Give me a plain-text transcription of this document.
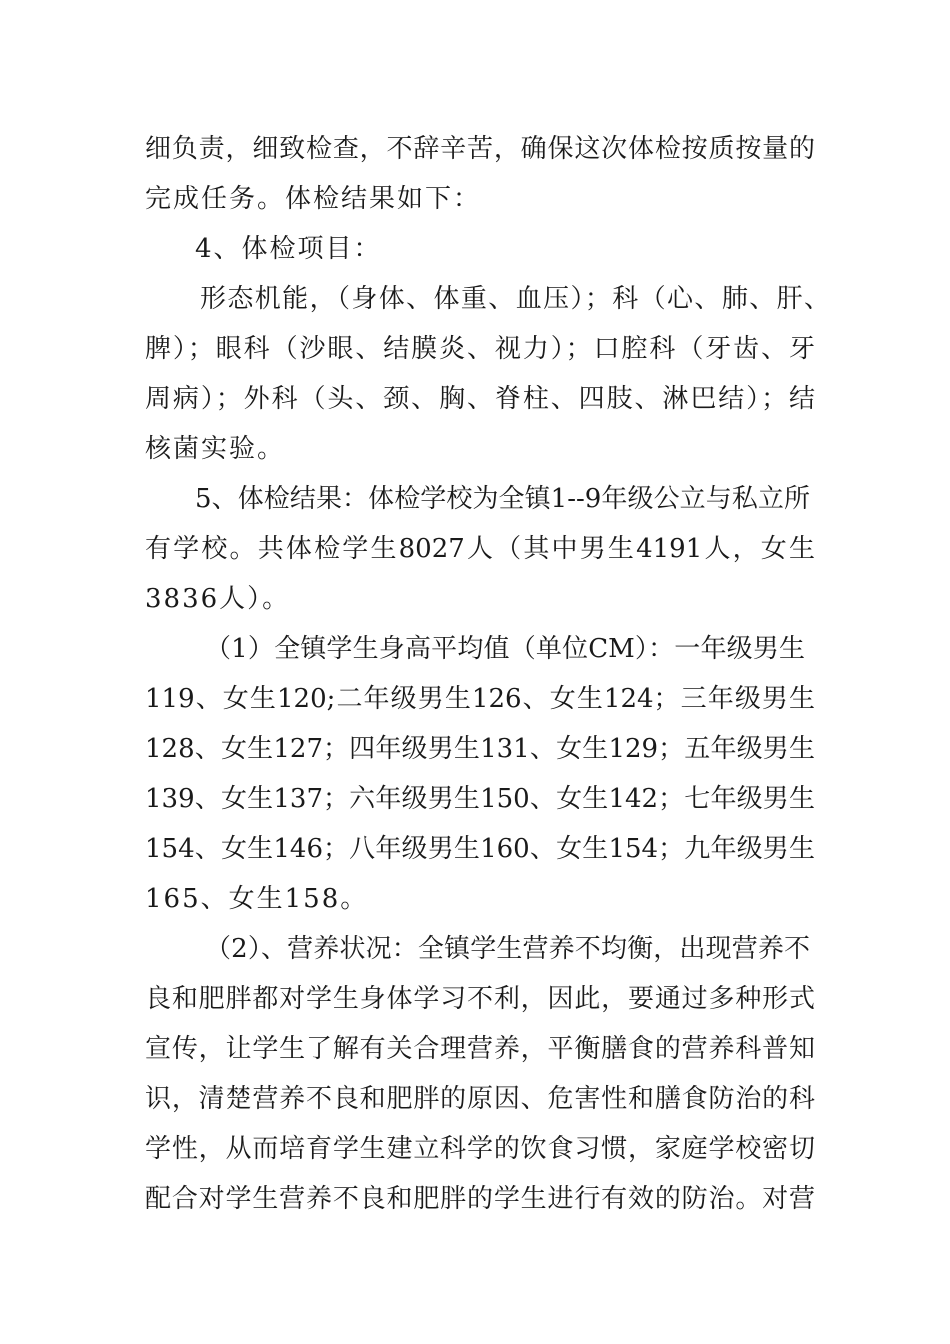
细负责，细致检查，不辞辛苦，确保这次体检按质按量的
完成任务。体检结果如下：
4、体检项目：
形态机能，（身体、体重、血压）；科（心、肺、肝、
脾）；眼科（沙眼、结膜炎、视力）；口腔科（牙齿、牙
周病）；外科（头、颈、胸、脊柱、四肢、淋巴结）；结
核菌实验。
5、体检结果：体检学校为全镇1--9年级公立与私立所
有学校。共体检学生8027人（其中男生4191人，女生
3836人）。
（1）全镇学生身高平均值（单位CM）：一年级男生
119、女生120;二年级男生126、女生124；三年级男生
128、女生127；四年级男生131、女生129；五年级男生
139、女生137；六年级男生150、女生142；七年级男生
154、女生146；八年级男生160、女生154；九年级男生
165、女生158。
（2）、营养状况：全镇学生营养不均衡，出现营养不
良和肥胖都对学生身体学习不利，因此，要通过多种形式
宣传，让学生了解有关合理营养，平衡膳食的营养科普知
识，清楚营养不良和肥胖的原因、危害性和膳食防治的科
学性，从而培育学生建立科学的饮食习惯，家庭学校密切
配合对学生营养不良和肥胖的学生进行有效的防治。对营
